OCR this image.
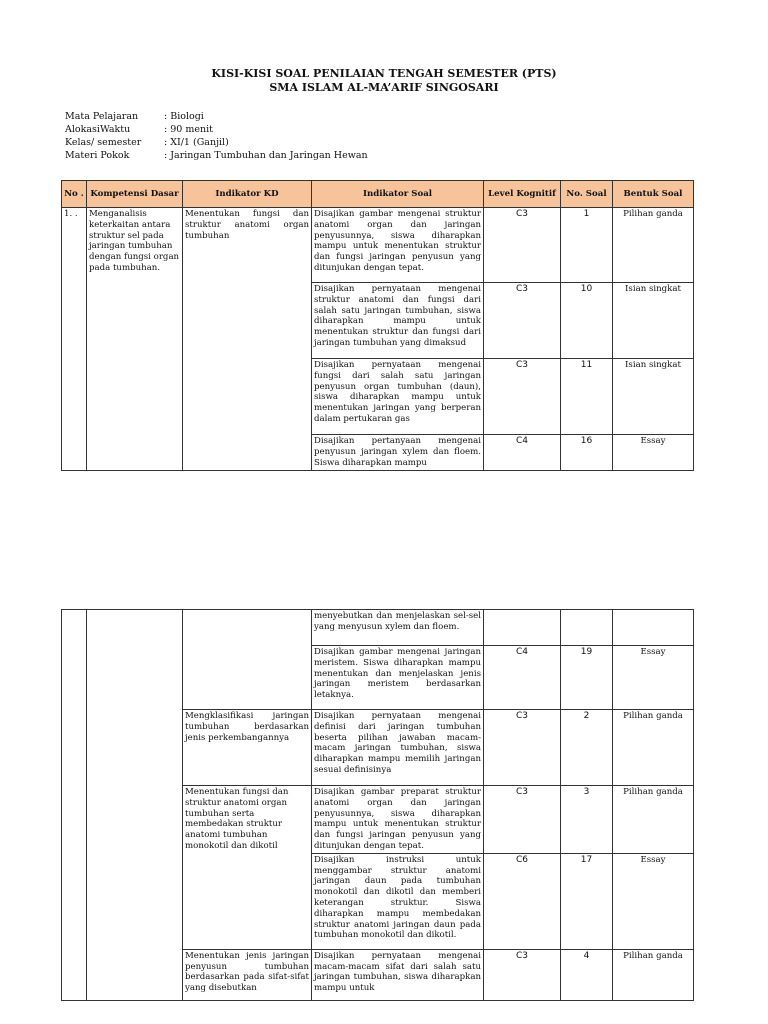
KISI-KISI SOAL PENILAIAN TENGAH SEMESTER (PTS)
SMA ISLAM AL-MA’ARIF SINGOSARI
Mata Pelajaran	: Biologi
AlokasiWaktu	: 90 menit
Kelas/ semester : XI/1 (Ganjil)
Materi Pokok	: Jaringan Tumbuhan dan Jaringan Hewan
No .	Kompetensi Dasar	Indikator KD	Indikator Soal	Level Kognitif	No. Soal	Bentuk Soal
1. .	Menganalisis keterkaitan antara struktur sel pada jaringan tumbuhan dengan fungsi organ pada tumbuhan.	Menentukan fungsi dan struktur anatomi organ tumbuhan	Disajikan gambar mengenai struktur anatomi organ dan jaringan penyusunnya, siswa diharapkan mampu untuk menentukan struktur dan fungsi jaringan penyusun yang ditunjukan dengan tepat.	C3	1	Pilihan ganda
			Disajikan pernyataan mengenai struktur anatomi dan fungsi dari salah satu jaringan tumbuhan, siswa diharapkan mampu untuk menentukan struktur dan fungsi dari jaringan tumbuhan yang dimaksud	C3	10	Isian singkat
			Disajikan pernyataan mengenai fungsi dari salah satu jaringan penyusun organ tumbuhan (daun), siswa diharapkan mampu untuk menentukan jaringan yang berperan dalam pertukaran gas	C3	11	Isian singkat
			Disajikan pertanyaan mengenai penyusun jaringan xylem dan floem. Siswa diharapkan mampu	C4	16	Essay
			menyebutkan dan menjelaskan sel-sel yang menyusun xylem dan floem.			
			Disajikan gambar mengenai jaringan meristem. Siswa diharapkan mampu menentukan dan menjelaskan jenis jaringan meristem berdasarkan letaknya.	C4	19	Essay
		Mengklasifikasi jaringan tumbuhan berdasarkan jenis perkembangannya	Disajikan pernyataan mengenai definisi dari jaringan tumbuhan beserta pilihan jawaban macam-macam jaringan tumbuhan, siswa diharapkan mampu memilih jaringan sesuai definisinya	C3	2	Pilihan ganda
		Menentukan fungsi dan struktur anatomi organ tumbuhan serta membedakan struktur anatomi tumbuhan monokotil dan dikotil	Disajikan gambar preparat struktur anatomi organ dan jaringan penyusunnya, siswa diharapkan mampu untuk menentukan struktur dan fungsi jaringan penyusun yang ditunjukan dengan tepat.	C3	3	Pilihan ganda
			Disajikan instruksi untuk menggambar struktur anatomi jaringan daun pada tumbuhan monokotil dan dikotil dan memberi keterangan struktur. Siswa diharapkan mampu membedakan struktur anatomi jaringan daun pada tumbuhan monokotil dan dikotil.	C6	17	Essay
		Menentukan jenis jaringan penyusun tumbuhan berdasarkan pada sifat-sifat yang disebutkan	Disajikan pernyataan mengenai macam-macam sifat dari salah satu jaringan tumbuhan, siswa diharapkan mampu untuk	C3	4	Pilihan ganda
